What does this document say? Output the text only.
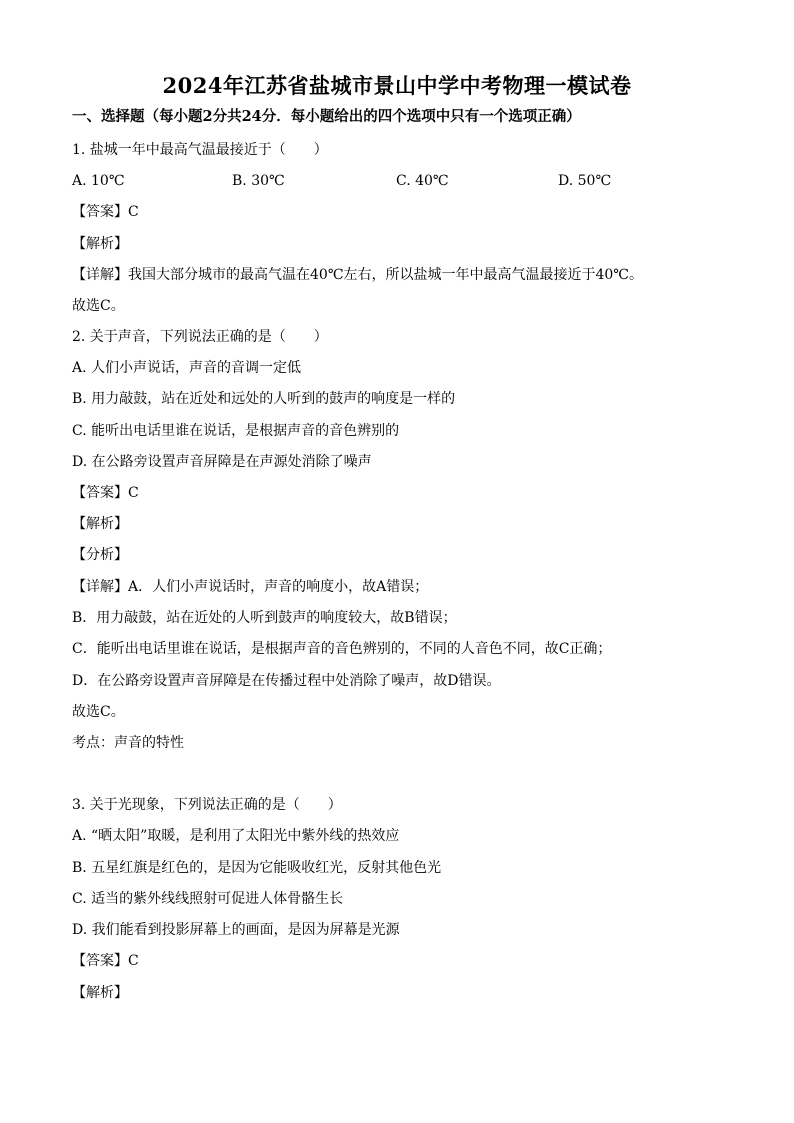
2024年江苏省盐城市景山中学中考物理一模试卷
一、选择题（每小题2分共24分．每小题给出的四个选项中只有一个选项正确）
1. 盐城一年中最高气温最接近于（　　）
A. 10℃	B. 30℃	C. 40℃	D. 50℃
【答案】C
【解析】
【详解】我国大部分城市的最高气温在40℃左右，所以盐城一年中最高气温最接近于40℃。
故选C。
2. 关于声音，下列说法正确的是（　　）
A. 人们小声说话，声音的音调一定低
B. 用力敲鼓，站在近处和远处的人听到的鼓声的响度是一样的
C. 能听出电话里谁在说话，是根据声音的音色辨别的
D. 在公路旁设置声音屏障是在声源处消除了噪声
【答案】C
【解析】
【分析】
【详解】A．人们小声说话时，声音的响度小，故A错误；
B．用力敲鼓，站在近处的人听到鼓声的响度较大，故B错误；
C．能听出电话里谁在说话，是根据声音的音色辨别的，不同的人音色不同，故C正确；
D．在公路旁设置声音屏障是在传播过程中处消除了噪声，故D错误。
故选C。
考点：声音的特性
3. 关于光现象，下列说法正确的是（　　）
A. “晒太阳”取暖，是利用了太阳光中紫外线的热效应
B. 五星红旗是红色的，是因为它能吸收红光，反射其他色光
C. 适当的紫外线线照射可促进人体骨骼生长
D. 我们能看到投影屏幕上的画面，是因为屏幕是光源
【答案】C
【解析】
